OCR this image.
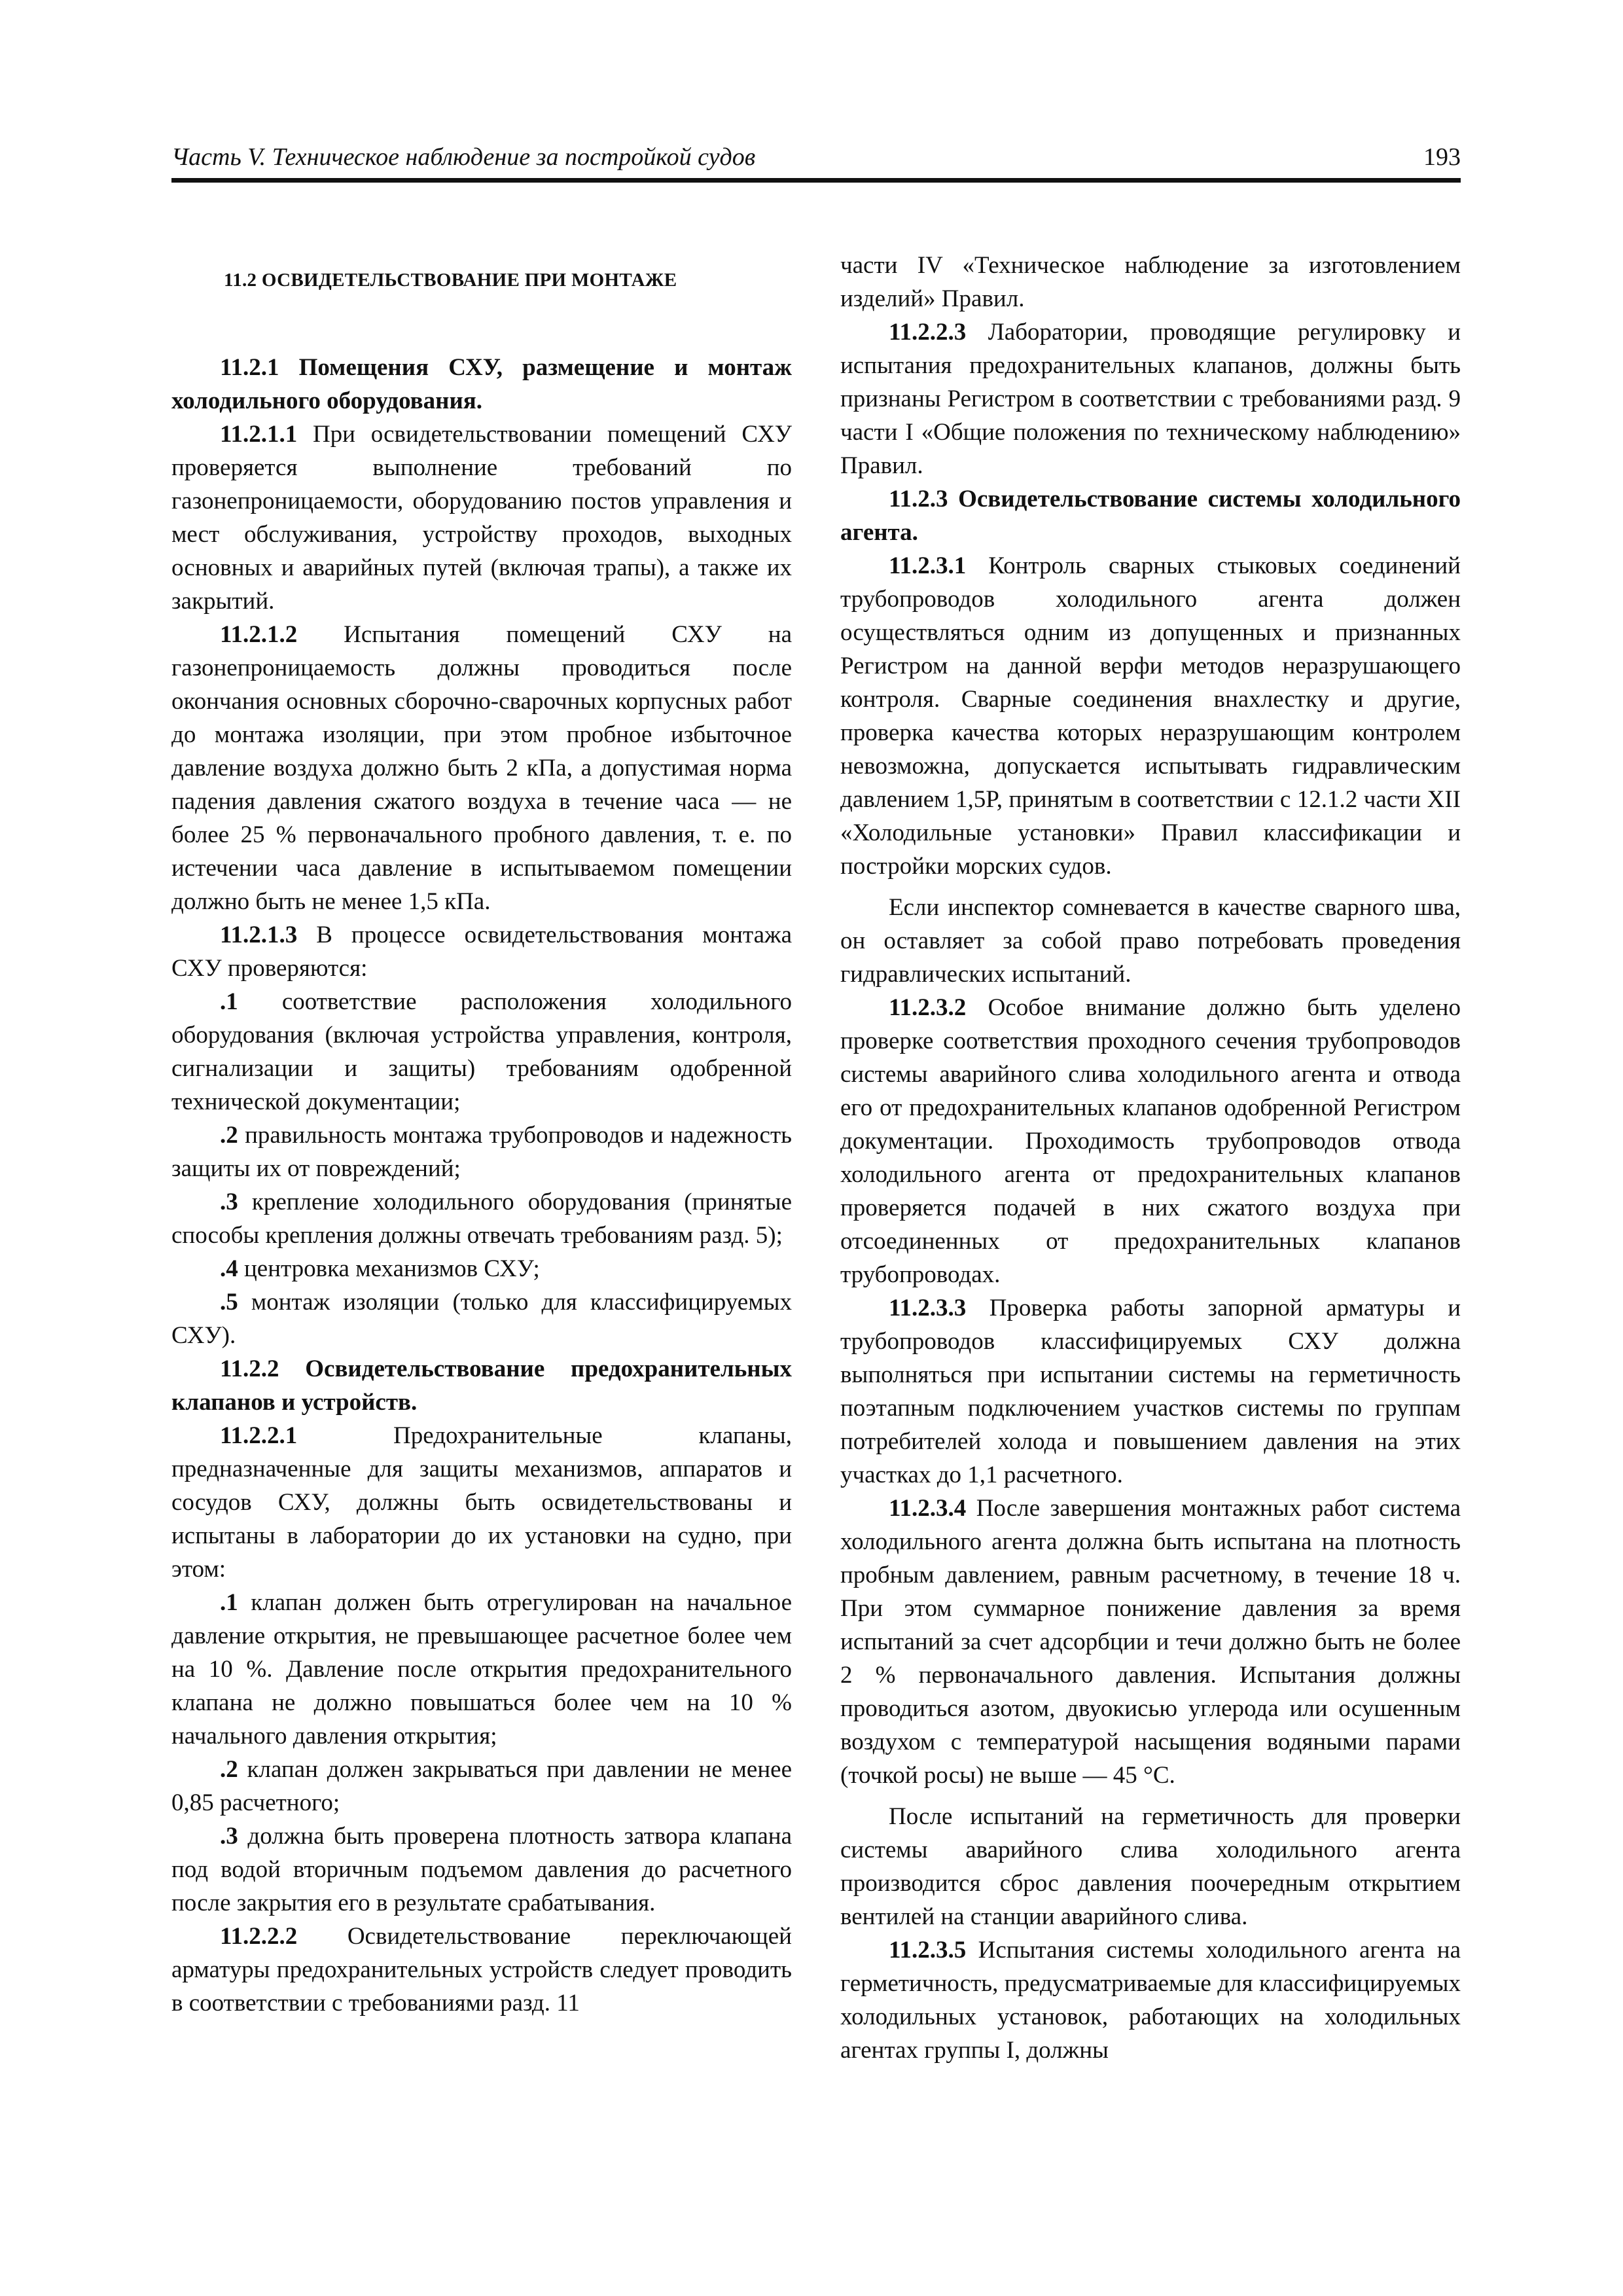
Часть V. Техническое наблюдение за постройкой судов	193
11.2 ОСВИДЕТЕЛЬСТВОВАНИЕ ПРИ МОНТАЖЕ
11.2.1 Помещения СХУ, размещение и монтаж холодильного оборудования.

11.2.1.1 При освидетельствовании помещений СХУ проверяется выполнение требований по газонепроницаемости, оборудованию постов управления и мест обслуживания, устройству проходов, выходных основных и аварийных путей (включая трапы), а также их закрытий.

11.2.1.2 Испытания помещений СХУ на газонепроницаемость должны проводиться после окончания основных сборочно-сварочных корпусных работ до монтажа изоляции, при этом пробное избыточное давление воздуха должно быть 2 кПа, а допустимая норма падения давления сжатого воздуха в течение часа — не более 25 % первоначального пробного давления, т. е. по истечении часа давление в испытываемом помещении должно быть не менее 1,5 кПа.

11.2.1.3 В процессе освидетельствования монтажа СХУ проверяются:

.1 соответствие расположения холодильного оборудования (включая устройства управления, контроля, сигнализации и защиты) требованиям одобренной технической документации;

.2 правильность монтажа трубопроводов и надежность защиты их от повреждений;

.3 крепление холодильного оборудования (принятые способы крепления должны отвечать требованиям разд. 5);

.4 центровка механизмов СХУ;

.5 монтаж изоляции (только для классифицируемых СХУ).

11.2.2 Освидетельствование предохранительных клапанов и устройств.

11.2.2.1 Предохранительные клапаны, предназначенные для защиты механизмов, аппаратов и сосудов СХУ, должны быть освидетельствованы и испытаны в лаборатории до их установки на судно, при этом:

.1 клапан должен быть отрегулирован на начальное давление открытия, не превышающее расчетное более чем на 10 %. Давление после открытия предохранительного клапана не должно повышаться более чем на 10 % начального давления открытия;

.2 клапан должен закрываться при давлении не менее 0,85 расчетного;

.3 должна быть проверена плотность затвора клапана под водой вторичным подъемом давления до расчетного после закрытия его в результате срабатывания.

11.2.2.2 Освидетельствование переключающей арматуры предохранительных устройств следует проводить в соответствии с требованиями разд. 11

части IV «Техническое наблюдение за изготовлением изделий» Правил.

11.2.2.3 Лаборатории, проводящие регулировку и испытания предохранительных клапанов, должны быть признаны Регистром в соответствии с требованиями разд. 9 части I «Общие положения по техническому наблюдению» Правил.

11.2.3 Освидетельствование системы холодильного агента.

11.2.3.1 Контроль сварных стыковых соединений трубопроводов холодильного агента должен осуществляться одним из допущенных и признанных Регистром на данной верфи методов неразрушающего контроля. Сварные соединения внахлестку и другие, проверка качества которых неразрушающим контролем невозможна, допускается испытывать гидравлическим давлением 1,5P, принятым в соответствии с 12.1.2 части XII «Холодильные установки» Правил классификации и постройки морских судов.

Если инспектор сомневается в качестве сварного шва, он оставляет за собой право потребовать проведения гидравлических испытаний.

11.2.3.2 Особое внимание должно быть уделено проверке соответствия проходного сечения трубопроводов системы аварийного слива холодильного агента и отвода его от предохранительных клапанов одобренной Регистром документации. Проходимость трубопроводов отвода холодильного агента от предохранительных клапанов проверяется подачей в них сжатого воздуха при отсоединенных от предохранительных клапанов трубопроводах.

11.2.3.3 Проверка работы запорной арматуры и трубопроводов классифицируемых СХУ должна выполняться при испытании системы на герметичность поэтапным подключением участков системы по группам потребителей холода и повышением давления на этих участках до 1,1 расчетного.

11.2.3.4 После завершения монтажных работ система холодильного агента должна быть испытана на плотность пробным давлением, равным расчетному, в течение 18 ч. При этом суммарное понижение давления за время испытаний за счет адсорбции и течи должно быть не более 2 % первоначального давления. Испытания должны проводиться азотом, двуокисью углерода или осушенным воздухом с температурой насыщения водяными парами (точкой росы) не выше — 45 °С.

После испытаний на герметичность для проверки системы аварийного слива холодильного агента производится сброс давления поочередным открытием вентилей на станции аварийного слива.

11.2.3.5 Испытания системы холодильного агента на герметичность, предусматриваемые для классифицируемых холодильных установок, работающих на холодильных агентах группы I, должны
